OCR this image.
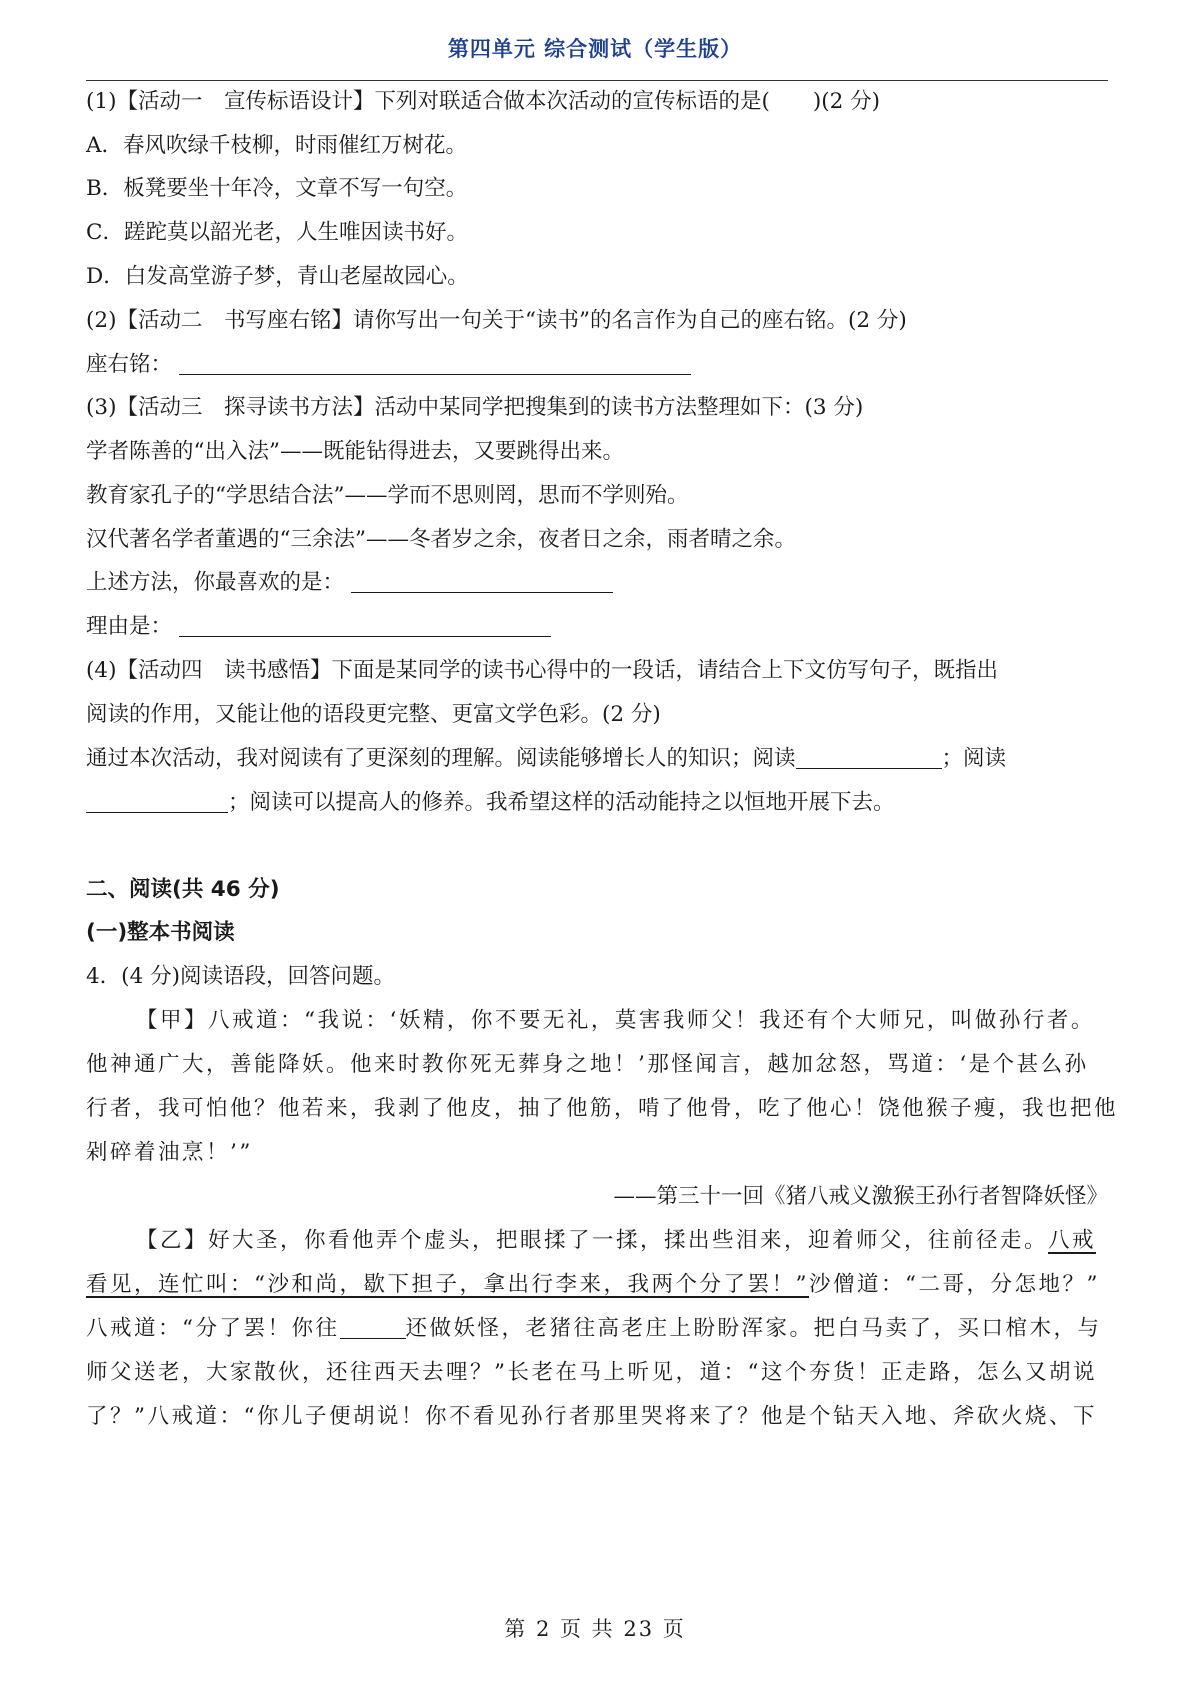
第四单元 综合测试（学生版）
(1)【活动一　宣传标语设计】下列对联适合做本次活动的宣传标语的是(　　)(2 分)
A．春风吹绿千枝柳，时雨催红万树花。
B．板凳要坐十年冷，文章不写一句空。
C．蹉跎莫以韶光老，人生唯因读书好。
D．白发高堂游子梦，青山老屋故园心。
(2)【活动二　书写座右铭】请你写出一句关于“读书”的名言作为自己的座右铭。(2 分)
座右铭：
(3)【活动三　探寻读书方法】活动中某同学把搜集到的读书方法整理如下：(3 分)
学者陈善的“出入法”——既能钻得进去，又要跳得出来。
教育家孔子的“学思结合法”——学而不思则罔，思而不学则殆。
汉代著名学者董遇的“三余法”——冬者岁之余，夜者日之余，雨者晴之余。
上述方法，你最喜欢的是：
理由是：
(4)【活动四　读书感悟】下面是某同学的读书心得中的一段话，请结合上下文仿写句子，既指出
阅读的作用，又能让他的语段更完整、更富文学色彩。(2 分)
通过本次活动，我对阅读有了更深刻的理解。阅读能够增长人的知识；阅读	；阅读
；阅读可以提高人的修养。我希望这样的活动能持之以恒地开展下去。
二、阅读(共 46 分)
(一)整本书阅读
4．(4 分)阅读语段，回答问题。
【甲】八戒道：“我说：‘妖精，你不要无礼，莫害我师父！我还有个大师兄，叫做孙行者。
他神通广大，善能降妖。他来时教你死无葬身之地！’那怪闻言，越加忿怒，骂道：‘是个甚么孙
行者，我可怕他？他若来，我剥了他皮，抽了他筋，啃了他骨，吃了他心！饶他猴子瘦，我也把他
剁碎着油烹！’”
——第三十一回《猪八戒义激猴王孙行者智降妖怪》
【乙】好大圣，你看他弄个虚头，把眼揉了一揉，揉出些泪来，迎着师父，往前径走。八戒
看见，连忙叫：“沙和尚，歇下担子，拿出行李来，我两个分了罢！”沙僧道：“二哥，分怎地？”
八戒道：“分了罢！你往	还做妖怪，老猪往高老庄上盼盼浑家。把白马卖了，买口棺木，与
师父送老，大家散伙，还往西天去哩？”长老在马上听见，道：“这个夯货！正走路，怎么又胡说
了？”八戒道：“你儿子便胡说！你不看见孙行者那里哭将来了？他是个钻天入地、斧砍火烧、下
第 2 页 共 23 页
